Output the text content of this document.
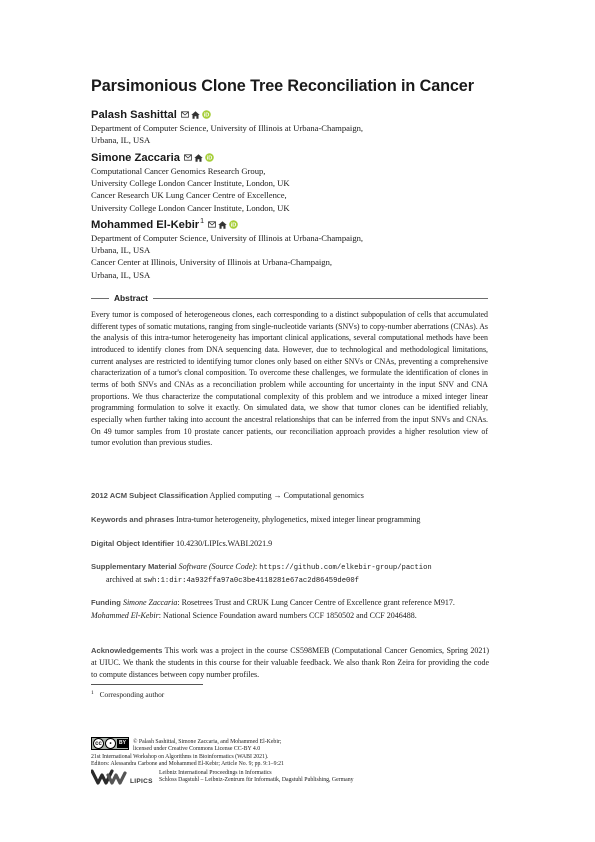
Parsimonious Clone Tree Reconciliation in Cancer
Palash Sashittal	iD
Department of Computer Science, University of Illinois at Urbana-Champaign,
Urbana, IL, USA
Simone Zaccaria	iD
Computational Cancer Genomics Research Group,
University College London Cancer Institute, London, UK
Cancer Research UK Lung Cancer Centre of Excellence,
University College London Cancer Institute, London, UK
Mohammed El-Kebir$^1$
iD
Department of Computer Science, University of Illinois at Urbana-Champaign,
Urbana, IL, USA
Cancer Center at Illinois, University of Illinois at Urbana-Champaign,
Urbana, IL, USA
Abstract
Every tumor is composed of heterogeneous clones, each corresponding to a distinct subpopulation of cells that accumulated different types of somatic mutations, ranging from single-nucleotide variants (SNVs) to copy-number aberrations (CNAs). As the analysis of this intra-tumor heterogeneity has important clinical applications, several computational methods have been introduced to identify clones from DNA sequencing data. However, due to technological and methodological limitations, current analyses are restricted to identifying tumor clones only based on either SNVs or CNAs, preventing a comprehensive characterization of a tumor's clonal composition. To overcome these challenges, we formulate the identification of clones in terms of both SNVs and CNAs as a reconciliation problem while accounting for uncertainty in the input SNV and CNA proportions. We thus characterize the computational complexity of this problem and we introduce a mixed integer linear programming formulation to solve it exactly. On simulated data, we show that tumor clones can be identified reliably, especially when further taking into account the ancestral relationships that can be inferred from the input SNVs and CNAs. On 49 tumor samples from 10 prostate cancer patients, our reconciliation approach provides a higher resolution view of tumor evolution than previous studies.
2012 ACM Subject Classification Applied computing → Computational genomics
Keywords and phrases Intra-tumor heterogeneity, phylogenetics, mixed integer linear programming
Digital Object Identifier 10.4230/LIPIcs.WABI.2021.9
Supplementary Material Software (Source Code): https://github.com/elkebir-group/paction
archived at swh:1:dir:4a932ffa97a0c3be4118281e67ac2d86459de00f
Funding Simone Zaccaria: Rosetrees Trust and CRUK Lung Cancer Centre of Excellence grant reference M917.
Mohammed El-Kebir: National Science Foundation award numbers CCF 1850502 and CCF 2046488.
Acknowledgements This work was a project in the course CS598MEB (Computational Cancer Genomics, Spring 2021) at UIUC. We thank the students in this course for their valuable feedback. We also thank Ron Zeira for providing the code to compute distances between copy number profiles.
$^1$ Corresponding author
cc	•	BY	© Palash Sashittal, Simone Zaccaria, and Mohammed El-Kebir;
licensed under Creative Commons License CC-BY 4.0
21st International Workshop on Algorithms in Bioinformatics (WABI 2021).
Editors: Alessandra Carbone and Mohammed El-Kebir; Article No. 9; pp. 9:1–9:21
LIPICS
Leibniz International Proceedings in Informatics
Schloss Dagstuhl – Leibniz-Zentrum für Informatik, Dagstuhl Publishing, Germany
